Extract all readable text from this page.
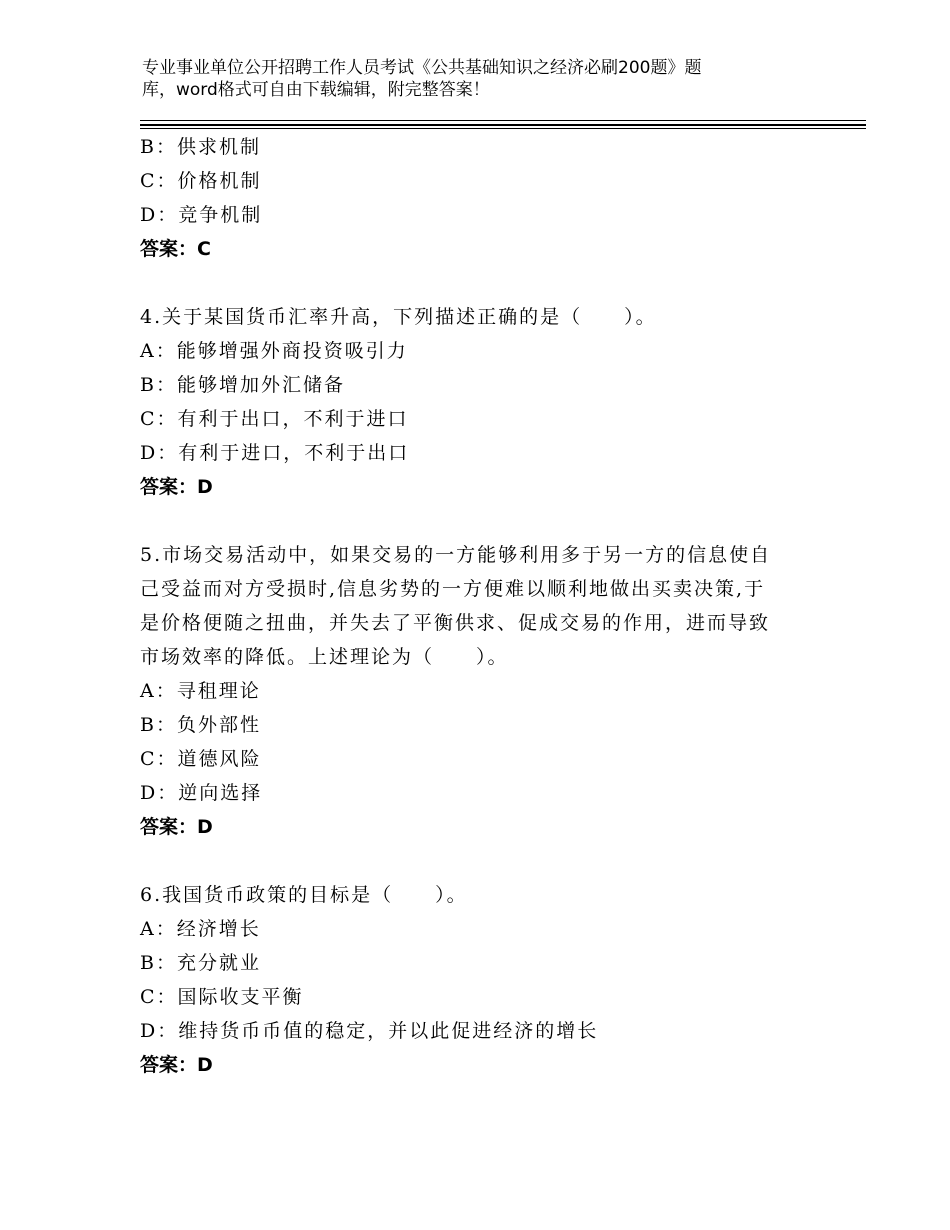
专业事业单位公开招聘工作人员考试《公共基础知识之经济必刷200题》题
库，word格式可自由下载编辑，附完整答案！
B：供求机制
C：价格机制
D：竞争机制
答案：C
4.关于某国货币汇率升高，下列描述正确的是（　　）。
A：能够增强外商投资吸引力
B：能够增加外汇储备
C：有利于出口，不利于进口
D：有利于进口，不利于出口
答案：D
5.市场交易活动中，如果交易的一方能够利用多于另一方的信息使自
己受益而对方受损时,信息劣势的一方便难以顺利地做出买卖决策,于
是价格便随之扭曲，并失去了平衡供求、促成交易的作用，进而导致
市场效率的降低。上述理论为（　　）。
A：寻租理论
B：负外部性
C：道德风险
D：逆向选择
答案：D
6.我国货币政策的目标是（　　）。
A：经济增长
B：充分就业
C：国际收支平衡
D：维持货币币值的稳定，并以此促进经济的增长
答案：D
